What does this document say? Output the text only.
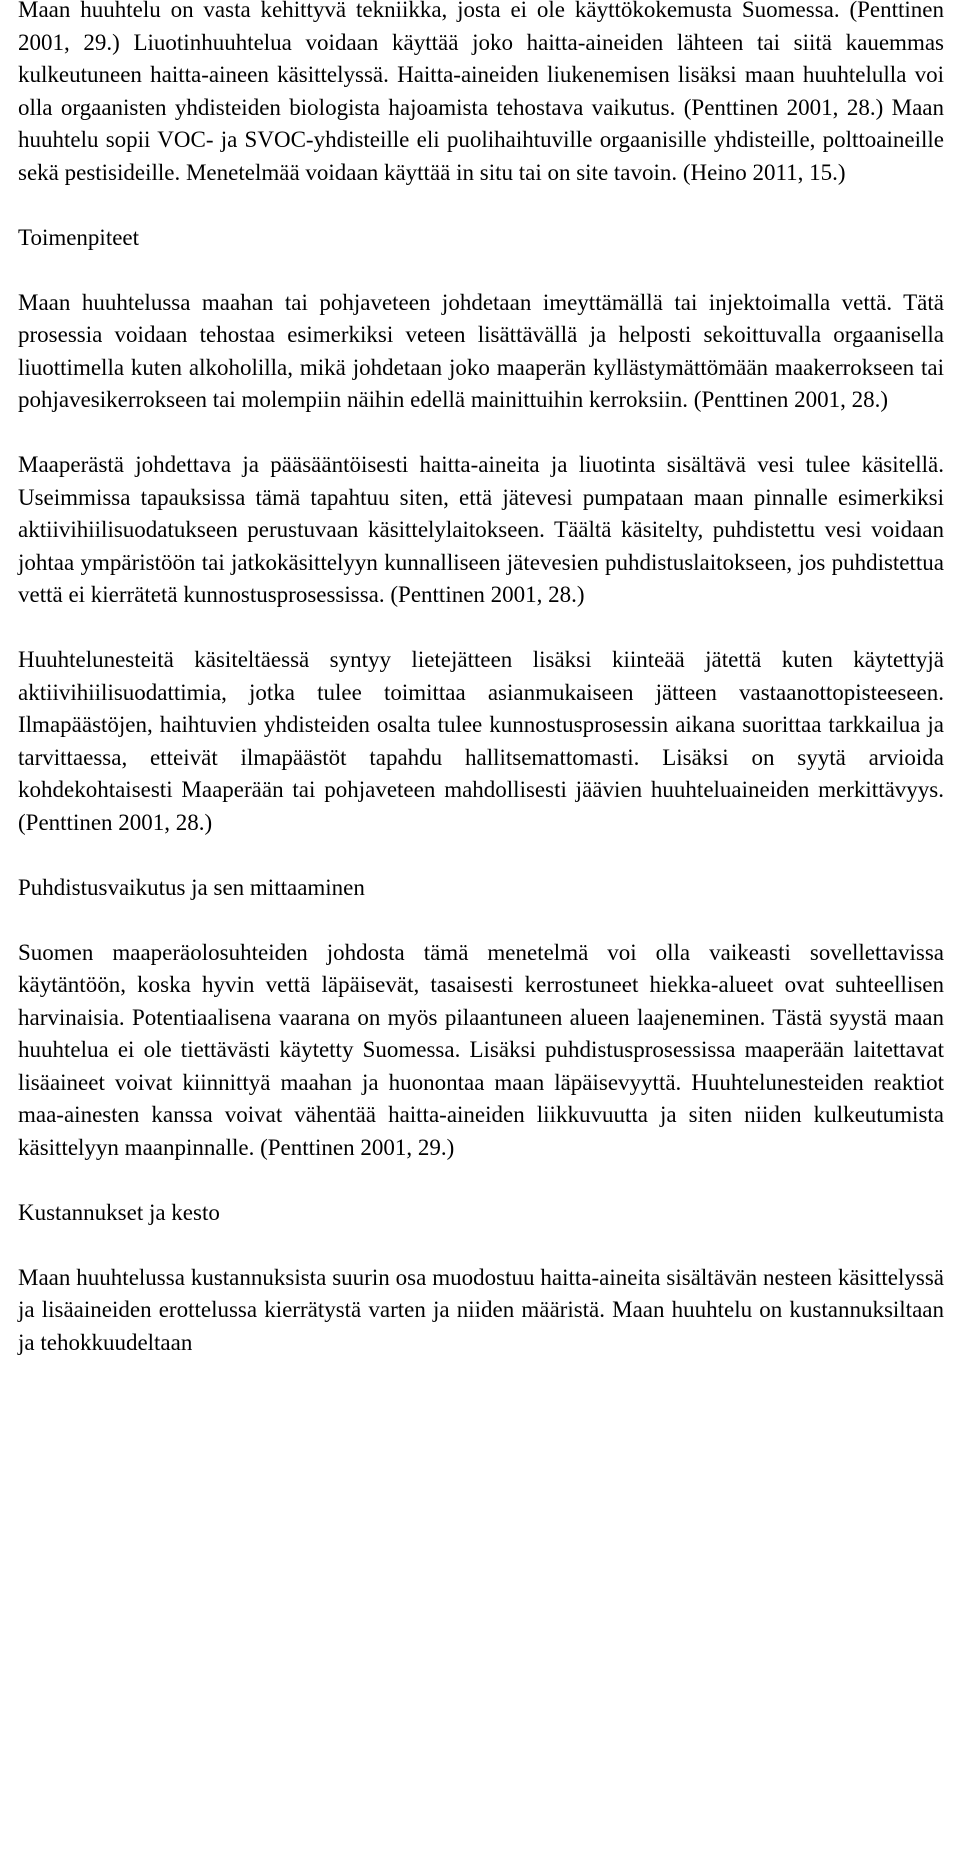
Maan huuhtelu on vasta kehittyvä tekniikka, josta ei ole käyttökokemusta Suomessa. (Penttinen 2001, 29.) Liuotinhuuhtelua voidaan käyttää joko haitta-aineiden lähteen tai siitä kauemmas kulkeutuneen haitta-aineen käsittelyssä. Haitta-aineiden liukenemisen lisäksi maan huuhtelulla voi olla orgaanisten yhdisteiden biologista hajoamista tehostava vaikutus. (Penttinen 2001, 28.) Maan huuhtelu sopii VOC- ja SVOC-yhdisteille eli puolihaihtuville orgaanisille yhdisteille, polttoaineille sekä pestisideille. Menetelmää voidaan käyttää in situ tai on site tavoin. (Heino 2011, 15.)

Toimenpiteet

Maan huuhtelussa maahan tai pohjaveteen johdetaan imeyttämällä tai injektoimalla vettä. Tätä prosessia voidaan tehostaa esimerkiksi veteen lisättävällä ja helposti sekoittuvalla orgaanisella liuottimella kuten alkoholilla, mikä johdetaan joko maaperän kyllästymättömään maakerrokseen tai pohjavesikerrokseen tai molempiin näihin edellä mainittuihin kerroksiin. (Penttinen 2001, 28.)

Maaperästä johdettava ja pääsääntöisesti haitta-aineita ja liuotinta sisältävä vesi tulee käsitellä. Useimmissa tapauksissa tämä tapahtuu siten, että jätevesi pumpataan maan pinnalle esimerkiksi aktiivihiilisuodatukseen perustuvaan käsittelylaitokseen. Täältä käsitelty, puhdistettu vesi voidaan johtaa ympäristöön tai jatkokäsittelyyn kunnalliseen jätevesien puhdistuslaitokseen, jos puhdistettua vettä ei kierrätetä kunnostusprosessissa. (Penttinen 2001, 28.)

Huuhtelunesteitä käsiteltäessä syntyy lietejätteen lisäksi kiinteää jätettä kuten käytettyjä aktiivihiilisuodattimia, jotka tulee toimittaa asianmukaiseen jätteen vastaanottopisteeseen. Ilmapäästöjen, haihtuvien yhdisteiden osalta tulee kunnostusprosessin aikana suorittaa tarkkailua ja tarvittaessa, etteivät ilmapäästöt tapahdu hallitsemattomasti. Lisäksi on syytä arvioida kohdekohtaisesti Maaperään tai pohjaveteen mahdollisesti jäävien huuhteluaineiden merkittävyys. (Penttinen 2001, 28.)

Puhdistusvaikutus ja sen mittaaminen

Suomen maaperäolosuhteiden johdosta tämä menetelmä voi olla vaikeasti sovellettavissa käytäntöön, koska hyvin vettä läpäisevät, tasaisesti kerrostuneet hiekka-alueet ovat suhteellisen harvinaisia. Potentiaalisena vaarana on myös pilaantuneen alueen laajeneminen. Tästä syystä maan huuhtelua ei ole tiettävästi käytetty Suomessa. Lisäksi puhdistusprosessissa maaperään laitettavat lisäaineet voivat kiinnittyä maahan ja huonontaa maan läpäisevyyttä. Huuhtelunesteiden reaktiot maa-ainesten kanssa voivat vähentää haitta-aineiden liikkuvuutta ja siten niiden kulkeutumista käsittelyyn maanpinnalle. (Penttinen 2001, 29.)

Kustannukset ja kesto

Maan huuhtelussa kustannuksista suurin osa muodostuu haitta-aineita sisältävän nesteen käsittelyssä ja lisäaineiden erottelussa kierrätystä varten ja niiden määristä. Maan huuhtelu on kustannuksiltaan ja tehokkuudeltaan
